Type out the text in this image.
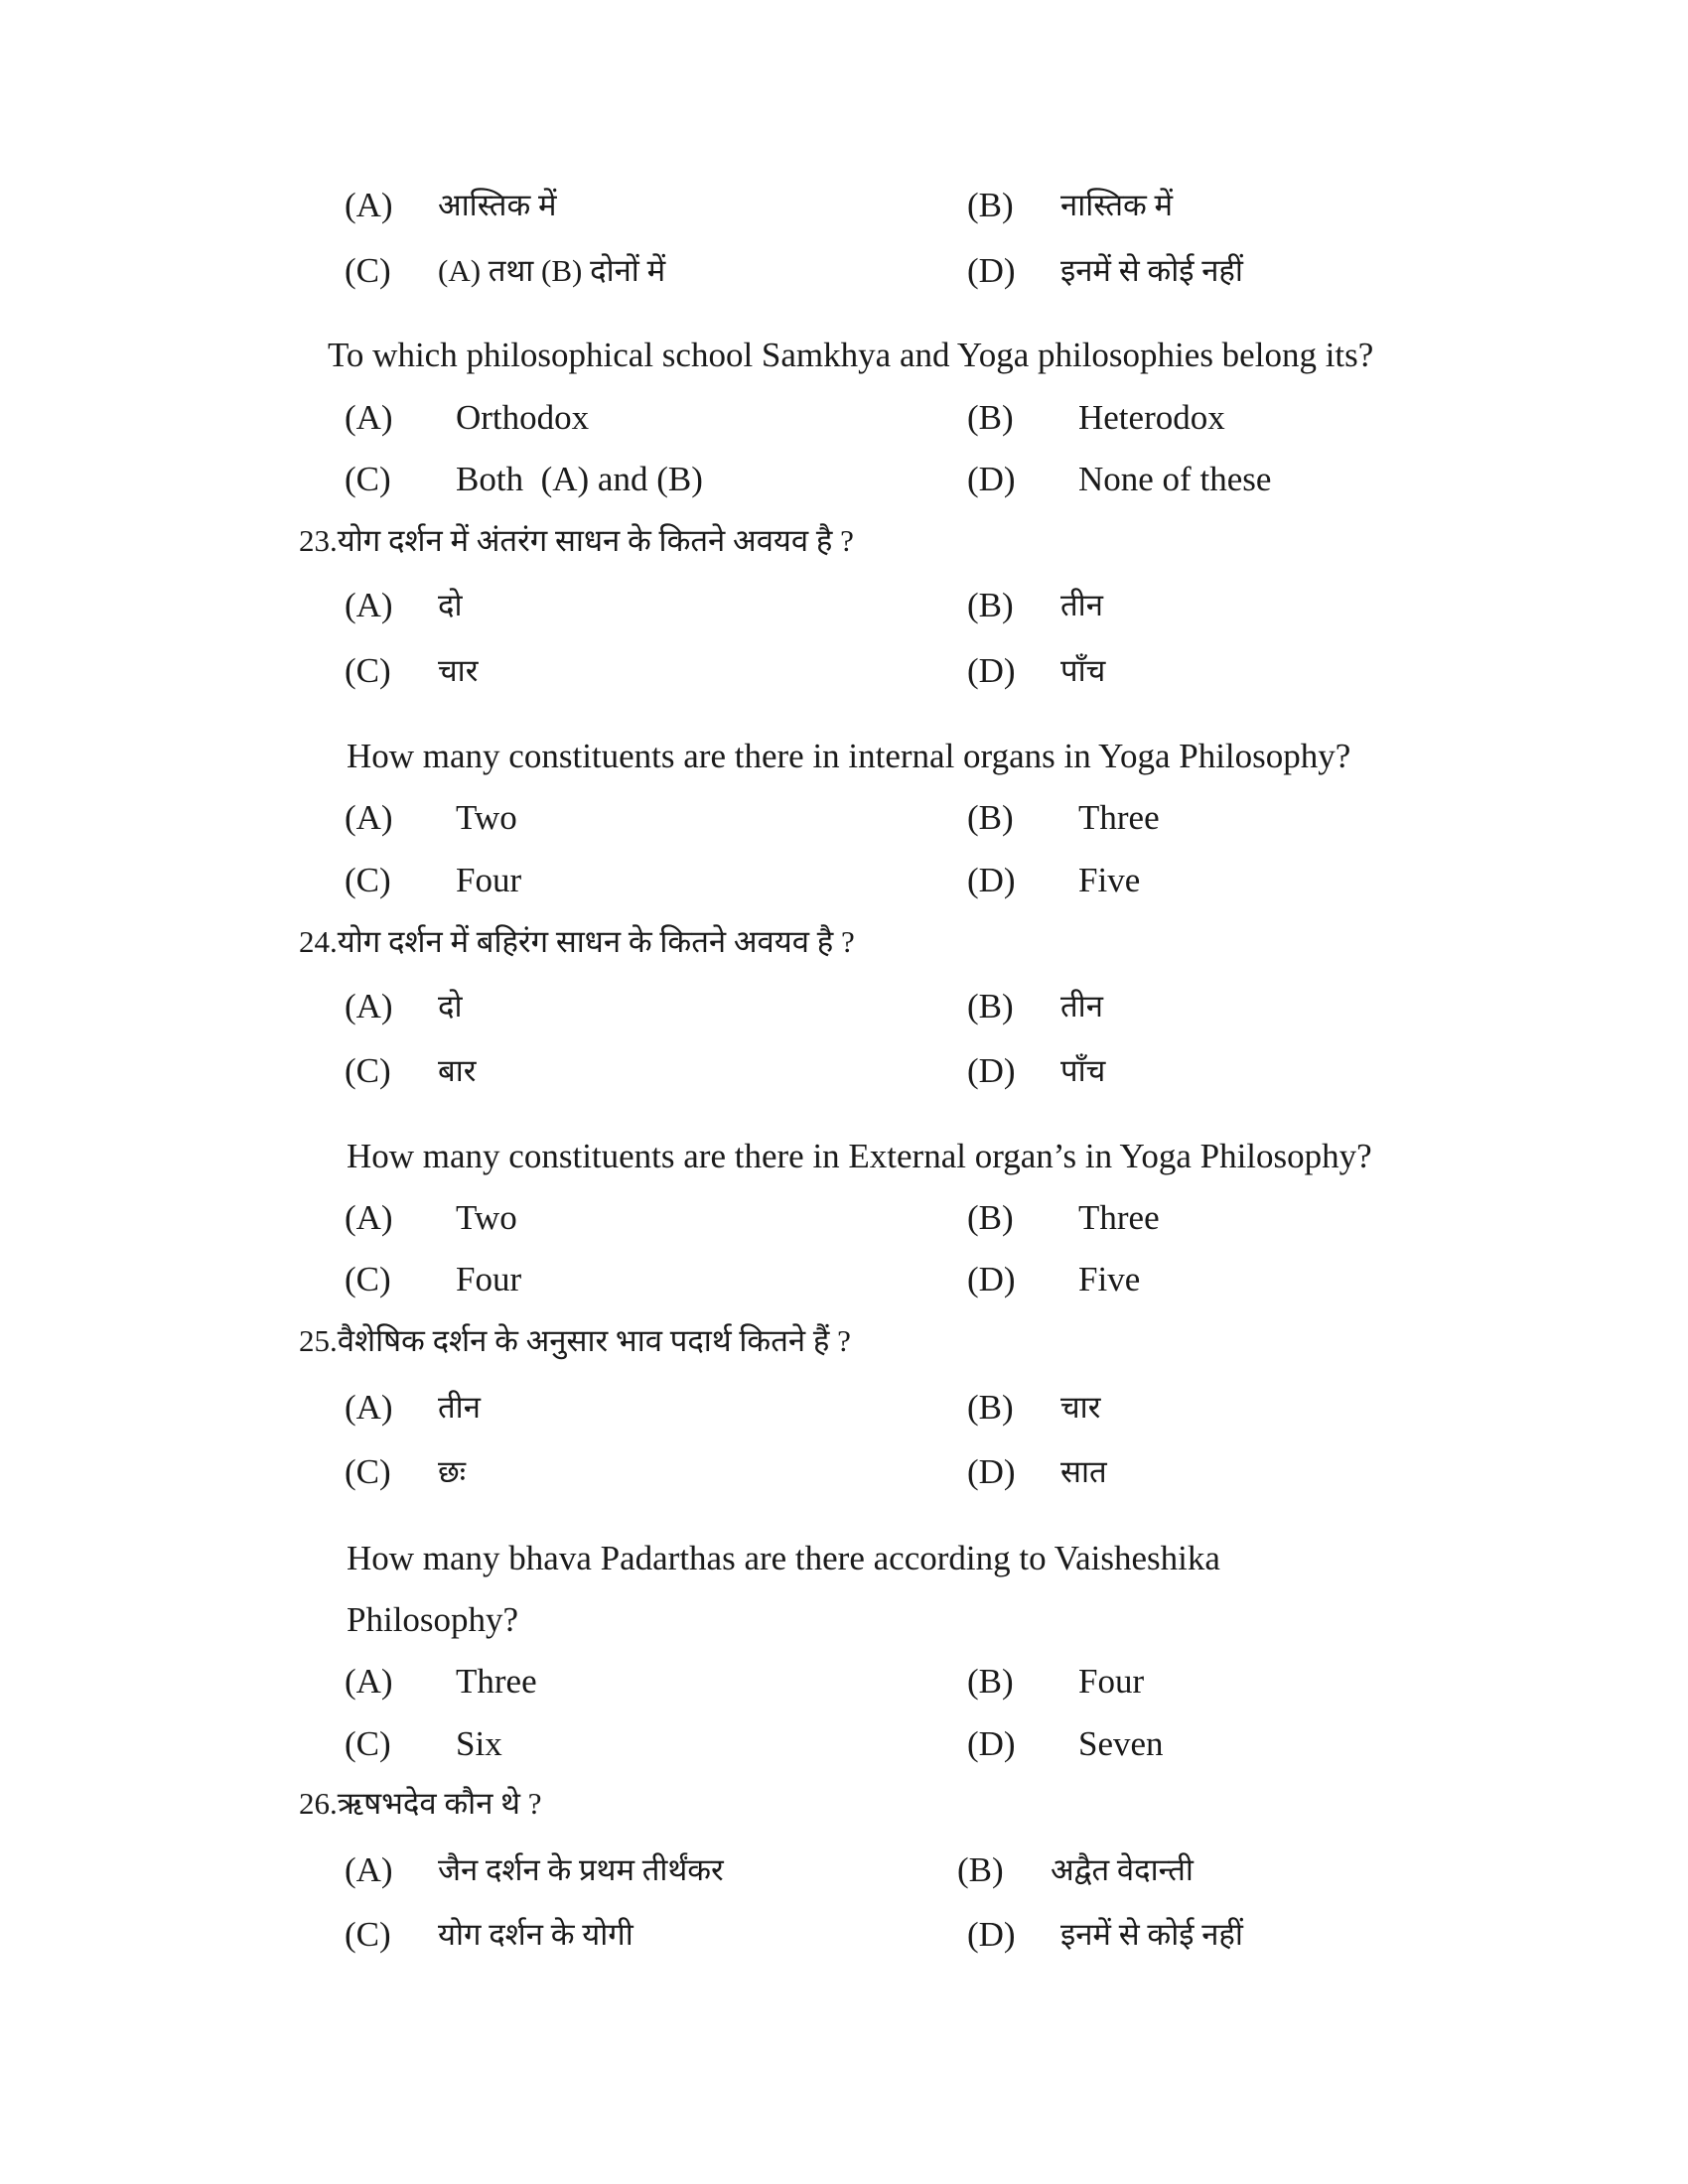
(A) आस्तिक में	(B) नास्तिक में
(C) (A) तथा (B) दोनों में	(D) इनमें से कोई नहीं
To which philosophical school Samkhya and Yoga philosophies belong its?
(A) Orthodox	(B) Heterodox
(C) Both  (A) and (B)	(D) None of these
23.योग दर्शन में अंतरंग साधन के कितने अवयव है ?
(A) दो	(B) तीन
(C) चार	(D) पाँच
How many constituents are there in internal organs in Yoga Philosophy?
(A) Two	(B) Three
(C) Four	(D) Five
24.योग दर्शन में बहिरंग साधन के कितने अवयव है ?
(A) दो	(B) तीन
(C) बार	(D) पाँच
How many constituents are there in External organ’s in Yoga Philosophy?
(A) Two	(B) Three
(C) Four	(D) Five
25.वैशेषिक दर्शन के अनुसार भाव पदार्थ कितने हैं ?
(A) तीन	(B) चार
(C) छः	(D) सात
How many bhava Padarthas are there according to Vaisheshika
Philosophy?
(A) Three	(B) Four
(C) Six	(D) Seven
26.ऋषभदेव कौन थे ?
(A) जैन दर्शन के प्रथम तीर्थंकर	(B) अद्वैत वेदान्ती
(C) योग दर्शन के योगी	(D) इनमें से कोई नहीं
